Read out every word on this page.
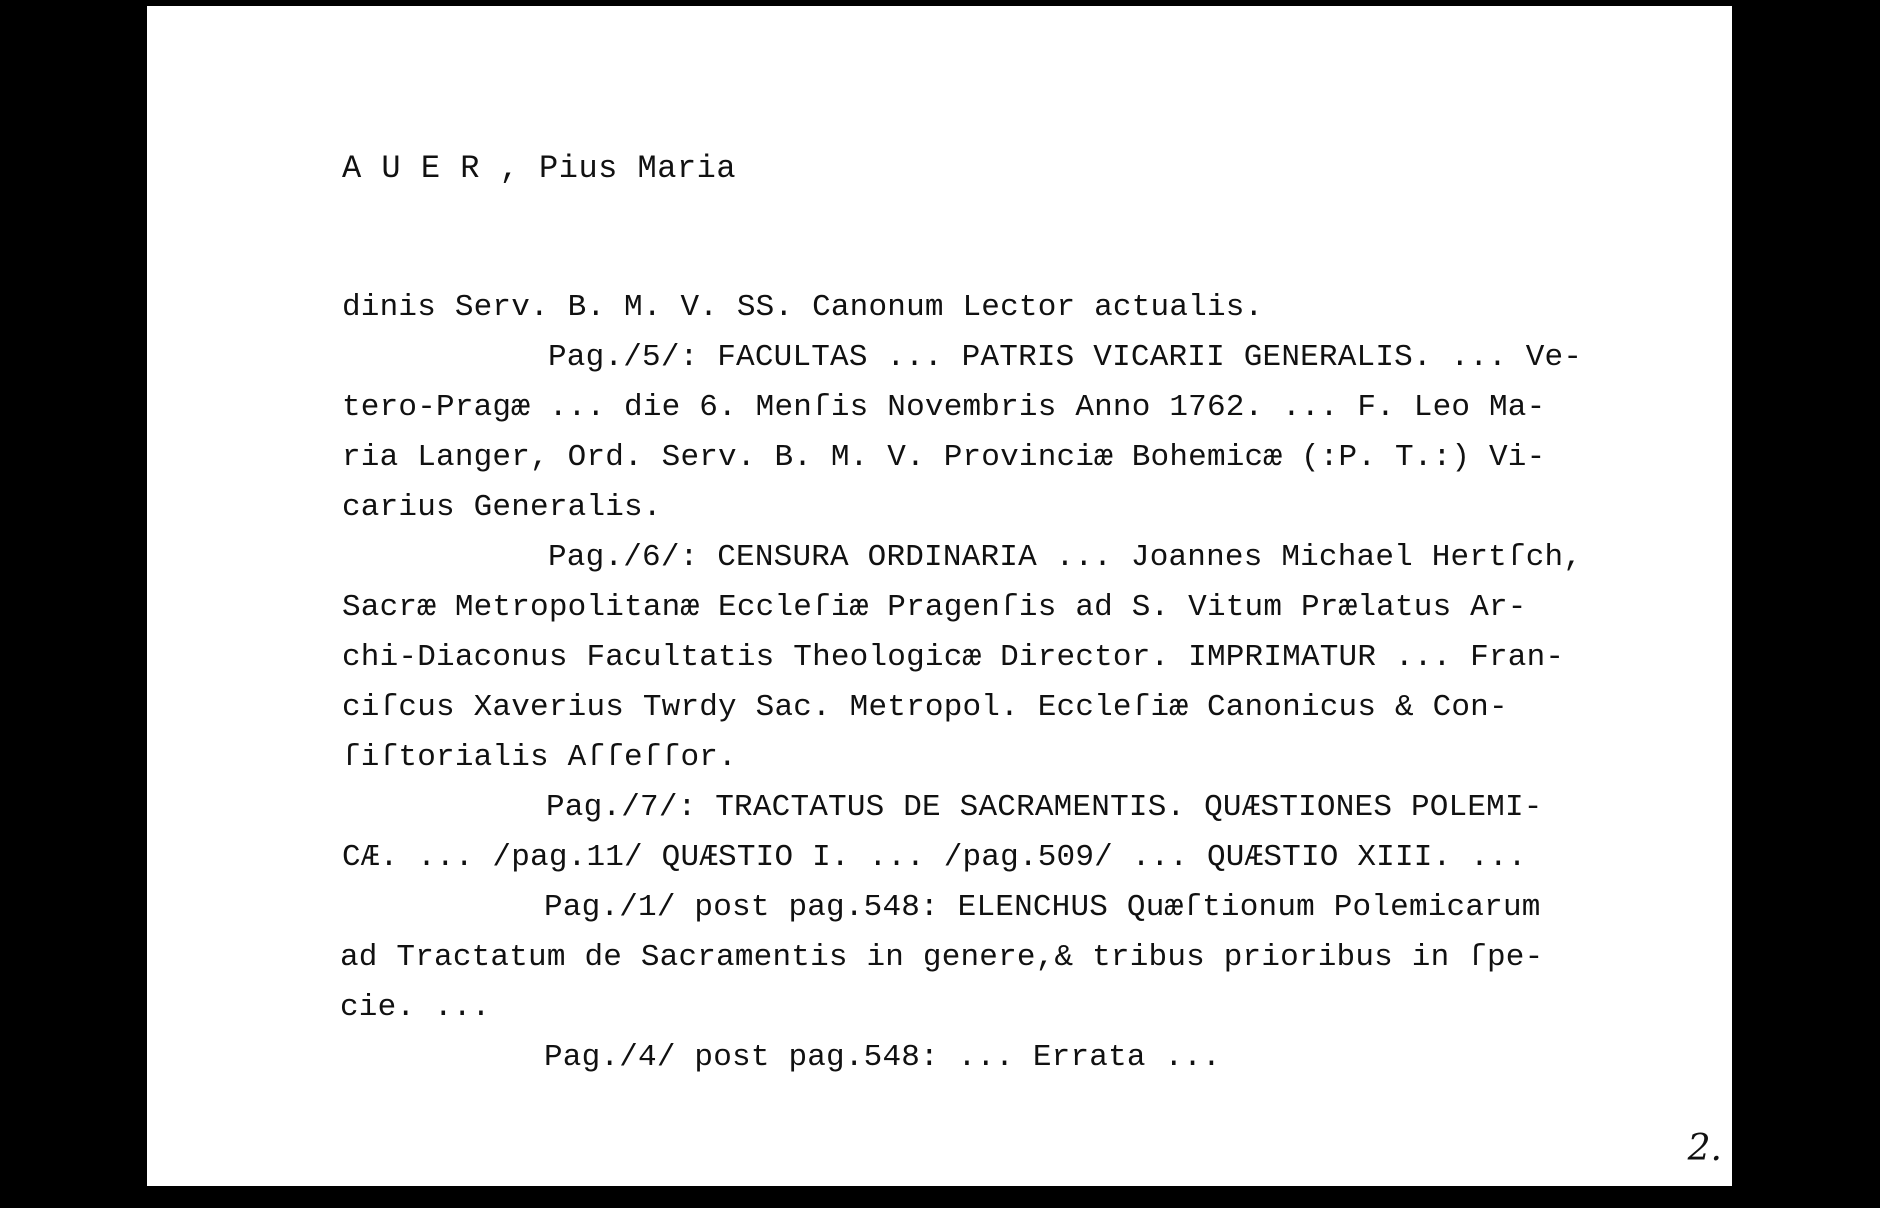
A U E R , Pius Maria
dinis Serv. B. M. V. SS. Canonum Lector actualis.
Pag./5/: FACULTAS ... PATRIS VICARII GENERALIS. ... Ve-
tero-Pragæ ... die 6. Menſis Novembris Anno 1762. ... F. Leo Ma-
ria Langer, Ord. Serv. B. M. V. Provinciæ Bohemicæ (:P. T.:) Vi-
carius Generalis.
Pag./6/: CENSURA ORDINARIA ... Joannes Michael Hertſch,
Sacræ Metropolitanæ Eccleſiæ Pragenſis ad S. Vitum Prælatus Ar-
chi-Diaconus Facultatis Theologicæ Director. IMPRIMATUR ... Fran-
ciſcus Xaverius Twrdy Sac. Metropol. Eccleſiæ Canonicus & Con-
ſiſtorialis Aſſeſſor.
Pag./7/: TRACTATUS DE SACRAMENTIS. QUÆSTIONES POLEMI-
CÆ. ... /pag.11/ QUÆSTIO I. ... /pag.509/ ... QUÆSTIO XIII. ...
Pag./1/ post pag.548: ELENCHUS Quæſtionum Polemicarum
ad Tractatum de Sacramentis in genere,& tribus prioribus in ſpe-
cie. ...
Pag./4/ post pag.548: ... Errata ...
2.
